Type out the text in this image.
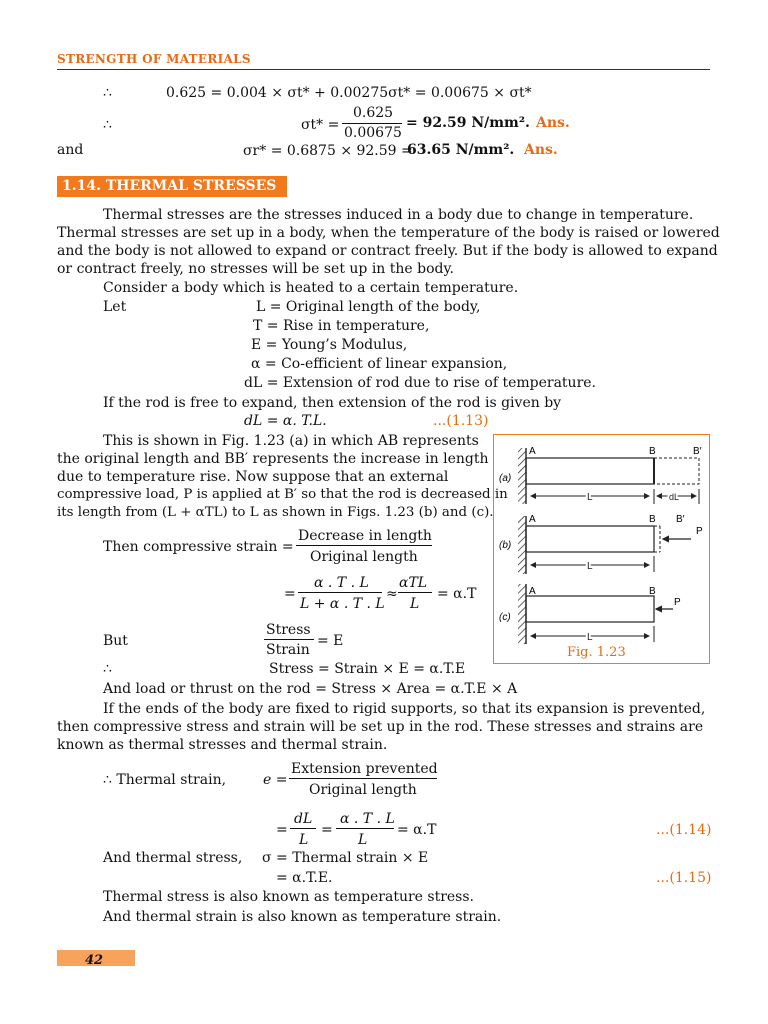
STRENGTH OF MATERIALS
∴	0.625 = 0.004 × σt* + 0.00275σt* = 0.00675 × σt*
∴	σt* =
0.625
0.00675
= 92.59 N/mm². Ans.
and	σr* = 0.6875 × 92.59 =
63.65 N/mm². Ans.
1.14. THERMAL STRESSES
Thermal stresses are the stresses induced in a body due to change in temperature.
Thermal stresses are set up in a body, when the temperature of the body is raised or lowered
and the body is not allowed to expand or contract freely. But if the body is allowed to expand
or contract freely, no stresses will be set up in the body.
Consider a body which is heated to a certain temperature.
Let	L = Original length of the body,
T = Rise in temperature,
E = Young’s Modulus,
α = Co-efficient of linear expansion,
dL = Extension of rod due to rise of temperature.
If the rod is free to expand, then extension of the rod is given by
dL = α. T.L.	...(1.13)
This is shown in Fig. 1.23 (a) in which AB represents
the original length and BB′ represents the increase in length
due to temperature rise. Now suppose that an external
compressive load, P is applied at B′ so that the rod is decreased in
its length from (L + αTL) to L as shown in Figs. 1.23 (b) and (c).
Then compressive strain =
Decrease in length
Original length
=
α . T . L
L + α . T . L
≈
αTL
L
= α.T
But
Stress
Strain
= E
∴	Stress = Strain × E = α.T.E
And load or thrust on the rod = Stress × Area = α.T.E × A
If the ends of the body are fixed to rigid supports, so that its expansion is prevented,
then compressive stress and strain will be set up in the rod. These stresses and strains are
known as thermal stresses and thermal strain.
∴ Thermal strain,	e =
Extension prevented
Original length
=
dL
L
=
α . T . L
L
= α.T	...(1.14)
And thermal stress, σ = Thermal strain × E
= α.T.E.	...(1.15)
Thermal stress is also known as temperature stress.
And thermal strain is also known as temperature strain.
A	B	B′
(a)
L	dL
A	B B′
P
(b)
L
A	B
P
(c)
L
Fig. 1.23
42
